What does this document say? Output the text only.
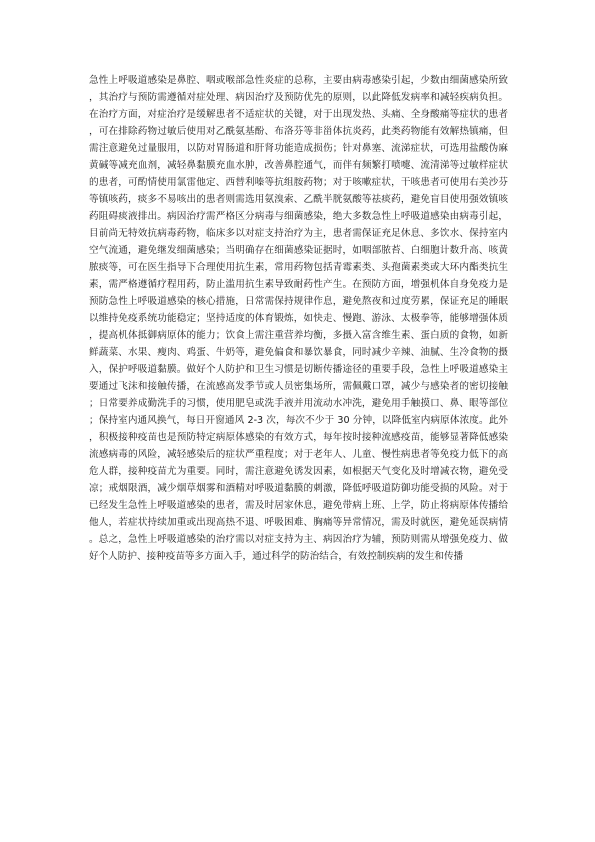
急性上呼吸道感染是鼻腔、咽或喉部急性炎症的总称，主要由病毒感染引起，少数由细菌感染所致，其治疗与预防需遵循对症处理、病因治疗及预防优先的原则，以此降低发病率和减轻疾病负担。在治疗方面，对症治疗是缓解患者不适症状的关键，对于出现发热、头痛、全身酸痛等症状的患者，可在排除药物过敏后使用对乙酰氨基酚、布洛芬等非甾体抗炎药，此类药物能有效解热镇痛，但需注意避免过量服用，以防对胃肠道和肝肾功能造成损伤；针对鼻塞、流涕症状，可选用盐酸伪麻黄碱等减充血剂，减轻鼻黏膜充血水肿，改善鼻腔通气，而伴有频繁打喷嚏、流清涕等过敏样症状的患者，可酌情使用氯雷他定、西替利嗪等抗组胺药物；对于咳嗽症状，干咳患者可使用右美沙芬等镇咳药，痰多不易咳出的患者则需选用氨溴索、乙酰半胱氨酸等祛痰药，避免盲目使用强效镇咳药阻碍痰液排出。病因治疗需严格区分病毒与细菌感染，绝大多数急性上呼吸道感染由病毒引起，目前尚无特效抗病毒药物，临床多以对症支持治疗为主，患者需保证充足休息、多饮水、保持室内空气流通，避免继发细菌感染；当明确存在细菌感染证据时，如咽部脓苔、白细胞计数升高、咳黄脓痰等，可在医生指导下合理使用抗生素，常用药物包括青霉素类、头孢菌素类或大环内酯类抗生素，需严格遵循疗程用药，防止滥用抗生素导致耐药性产生。在预防方面，增强机体自身免疫力是预防急性上呼吸道感染的核心措施，日常需保持规律作息，避免熬夜和过度劳累，保证充足的睡眠以维持免疫系统功能稳定；坚持适度的体育锻炼，如快走、慢跑、游泳、太极拳等，能够增强体质，提高机体抵御病原体的能力；饮食上需注重营养均衡，多摄入富含维生素、蛋白质的食物，如新鲜蔬菜、水果、瘦肉、鸡蛋、牛奶等，避免偏食和暴饮暴食，同时减少辛辣、油腻、生冷食物的摄入，保护呼吸道黏膜。做好个人防护和卫生习惯是切断传播途径的重要手段，急性上呼吸道感染主要通过飞沫和接触传播，在流感高发季节或人员密集场所，需佩戴口罩，减少与感染者的密切接触；日常要养成勤洗手的习惯，使用肥皂或洗手液并用流动水冲洗，避免用手触摸口、鼻、眼等部位；保持室内通风换气，每日开窗通风 2-3 次，每次不少于 30 分钟，以降低室内病原体浓度。此外，积极接种疫苗也是预防特定病原体感染的有效方式，每年按时接种流感疫苗，能够显著降低感染流感病毒的风险，减轻感染后的症状严重程度；对于老年人、儿童、慢性病患者等免疫力低下的高危人群，接种疫苗尤为重要。同时，需注意避免诱发因素，如根据天气变化及时增减衣物，避免受凉；戒烟限酒，减少烟草烟雾和酒精对呼吸道黏膜的刺激，降低呼吸道防御功能受损的风险。对于已经发生急性上呼吸道感染的患者，需及时居家休息，避免带病上班、上学，防止将病原体传播给他人，若症状持续加重或出现高热不退、呼吸困难、胸痛等异常情况，需及时就医，避免延误病情。总之，急性上呼吸道感染的治疗需以对症支持为主、病因治疗为辅，预防则需从增强免疫力、做好个人防护、接种疫苗等多方面入手，通过科学的防治结合，有效控制疾病的发生和传播
